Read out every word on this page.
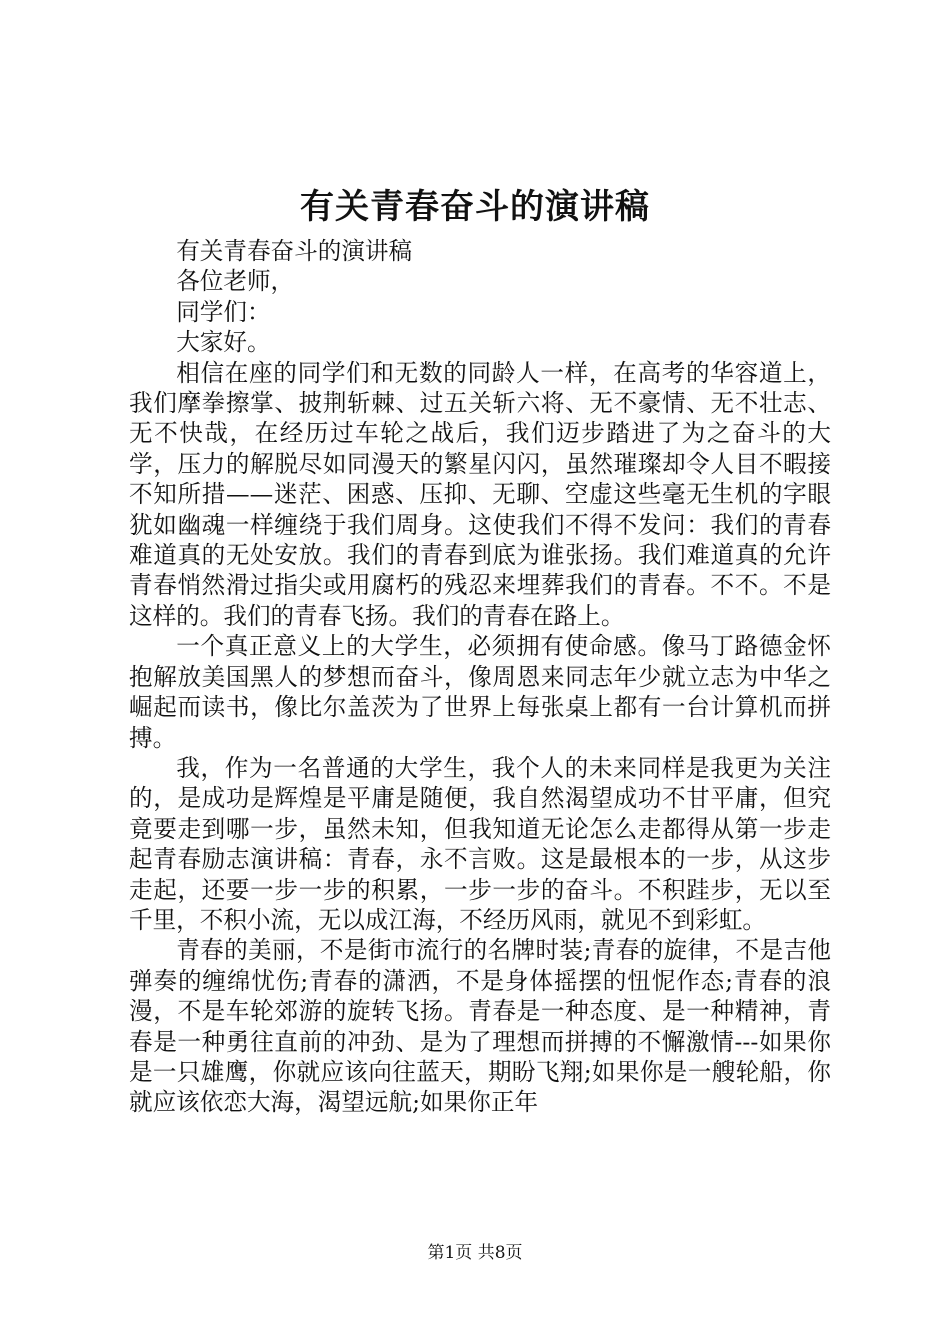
有关青春奋斗的演讲稿

有关青春奋斗的演讲稿

各位老师，

同学们：

大家好。

相信在座的同学们和无数的同龄人一样，在高考的华容道上，我们摩拳擦掌、披荆斩棘、过五关斩六将、无不豪情、无不壮志、无不快哉，在经历过车轮之战后，我们迈步踏进了为之奋斗的大学，压力的解脱尽如同漫天的繁星闪闪，虽然璀璨却令人目不暇接不知所措——迷茫、困惑、压抑、无聊、空虚这些毫无生机的字眼犹如幽魂一样缠绕于我们周身。这使我们不得不发问：我们的青春难道真的无处安放。我们的青春到底为谁张扬。我们难道真的允许青春悄然滑过指尖或用腐朽的残忍来埋葬我们的青春。不不。不是这样的。我们的青春飞扬。我们的青春在路上。

一个真正意义上的大学生，必须拥有使命感。像马丁路德金怀抱解放美国黑人的梦想而奋斗，像周恩来同志年少就立志为中华之崛起而读书，像比尔盖茨为了世界上每张桌上都有一台计算机而拼搏。

我，作为一名普通的大学生，我个人的未来同样是我更为关注的，是成功是辉煌是平庸是随便，我自然渴望成功不甘平庸，但究竟要走到哪一步，虽然未知，但我知道无论怎么走都得从第一步走起青春励志演讲稿：青春，永不言败。这是最根本的一步，从这步走起，还要一步一步的积累，一步一步的奋斗。不积跬步，无以至千里，不积小流，无以成江海，不经历风雨，就见不到彩虹。

青春的美丽，不是街市流行的名牌时装;青春的旋律，不是吉他弹奏的缠绵忧伤;青春的潇洒，不是身体摇摆的忸怩作态;青春的浪漫，不是车轮郊游的旋转飞扬。青春是一种态度、是一种精神，青春是一种勇往直前的冲劲、是为了理想而拼搏的不懈激情---如果你是一只雄鹰，你就应该向往蓝天，期盼飞翔;如果你是一艘轮船，你就应该依恋大海，渴望远航;如果你正年

第1页 共8页
